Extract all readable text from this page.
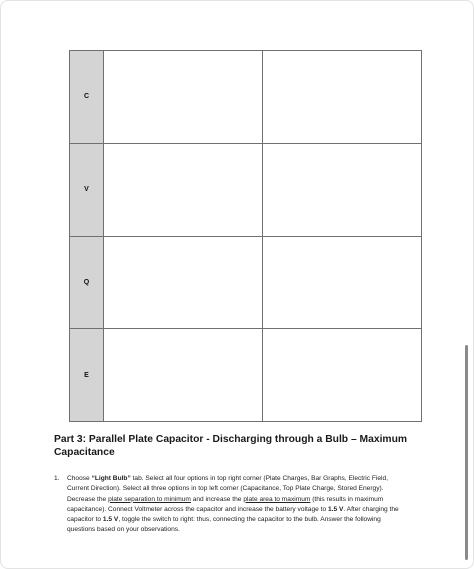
C		
V		
Q		
E		
Part 3: Parallel Plate Capacitor - Discharging through a Bulb – Maximum Capacitance
1. Choose “Light Bulb” tab. Select all four options in top right corner (Plate Charges, Bar Graphs, Electric Field, Current Direction). Select all three options in top left corner (Capacitance, Top Plate Charge, Stored Energy). Decrease the plate separation to minimum and increase the plate area to maximum (this results in maximum capacitance). Connect Voltmeter across the capacitor and increase the battery voltage to 1.5 V. After charging the capacitor to 1.5 V, toggle the switch to right: thus, connecting the capacitor to the bulb. Answer the following questions based on your observations.
